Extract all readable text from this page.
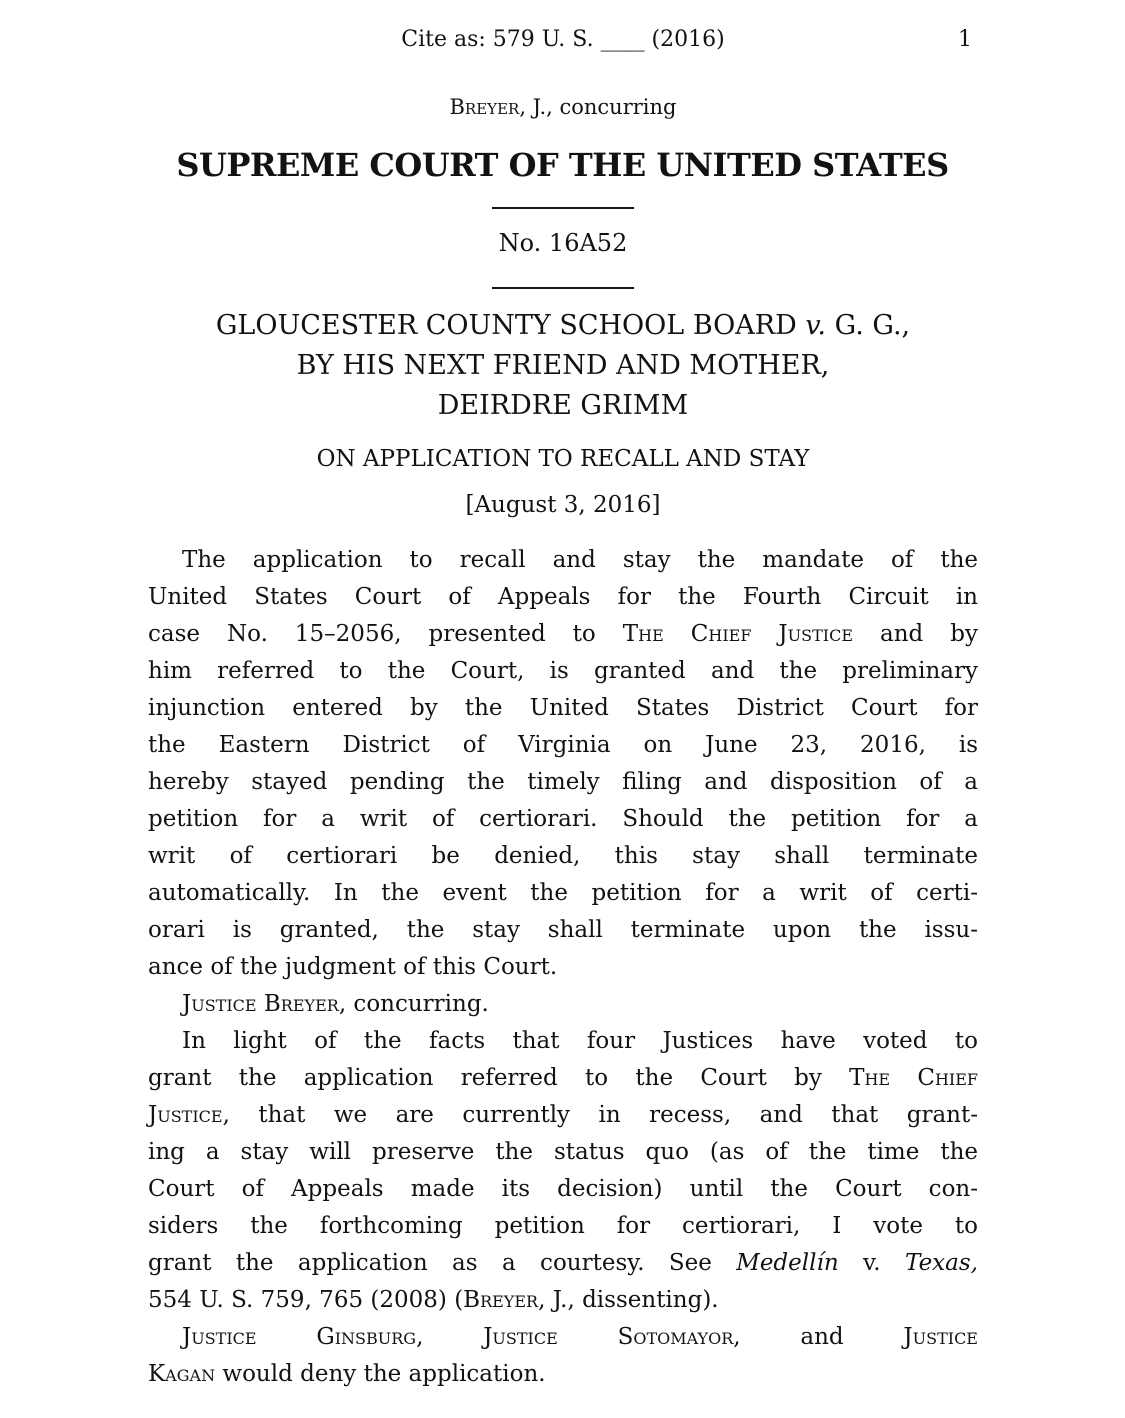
Cite as: 579 U. S. ____ (2016)	1
Breyer, J., concurring
SUPREME COURT OF THE UNITED STATES
No. 16A52
GLOUCESTER COUNTY SCHOOL BOARD v. G. G.,
BY HIS NEXT FRIEND AND MOTHER,
DEIRDRE GRIMM
ON APPLICATION TO RECALL AND STAY
[August 3, 2016]
The application to recall and stay the mandate of the
United States Court of Appeals for the Fourth Circuit in
case No. 15–2056, presented to The Chief Justice and by
him referred to the Court, is granted and the preliminary
injunction entered by the United States District Court for
the Eastern District of Virginia on June 23, 2016, is
hereby stayed pending the timely filing and disposition of a
petition for a writ of certiorari. Should the petition for a
writ of certiorari be denied, this stay shall terminate
automatically. In the event the petition for a writ of certi-
orari is granted, the stay shall terminate upon the issu-
ance of the judgment of this Court.
Justice Breyer, concurring.
In light of the facts that four Justices have voted to
grant the application referred to the Court by The Chief
Justice, that we are currently in recess, and that grant-
ing a stay will preserve the status quo (as of the time the
Court of Appeals made its decision) until the Court con-
siders the forthcoming petition for certiorari, I vote to
grant the application as a courtesy. See Medellín v. Texas,
554 U. S. 759, 765 (2008) (Breyer, J., dissenting).
Justice Ginsburg, Justice Sotomayor, and Justice
Kagan would deny the application.
